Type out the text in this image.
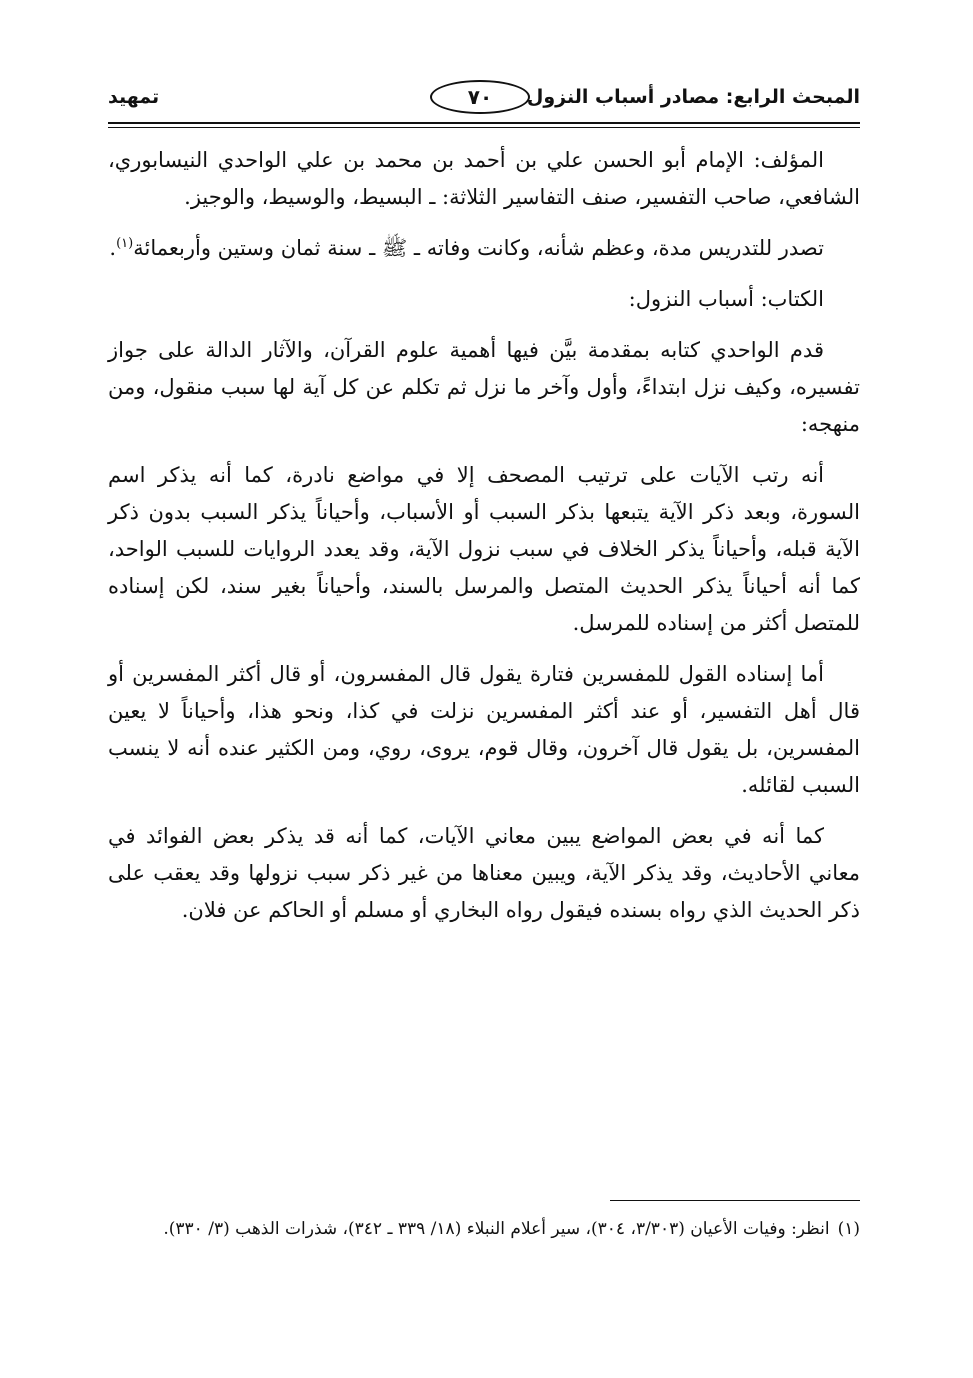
المبحث الرابع: مصادر أسباب النزول
٧٠
تمهيد

المؤلف: الإمام أبو الحسن علي بن أحمد بن محمد بن علي الواحدي النيسابوري، الشافعي، صاحب التفسير، صنف التفاسير الثلاثة: ـ البسيط، والوسيط، والوجيز.

تصدر للتدريس مدة، وعظم شأنه، وكانت وفاته ـ ﷺ ـ سنة ثمان وستين وأربعمائة$^{(١)}$.

الكتاب: أسباب النزول:

قدم الواحدي كتابه بمقدمة بيَّن فيها أهمية علوم القرآن، والآثار الدالة على جواز تفسيره، وكيف نزل ابتداءً، وأول وآخر ما نزل ثم تكلم عن كل آية لها سبب منقول، ومن منهجه:

أنه رتب الآيات على ترتيب المصحف إلا في مواضع نادرة، كما أنه يذكر اسم السورة، وبعد ذكر الآية يتبعها بذكر السبب أو الأسباب، وأحياناً يذكر السبب بدون ذكر الآية قبله، وأحياناً يذكر الخلاف في سبب نزول الآية، وقد يعدد الروايات للسبب الواحد، كما أنه أحياناً يذكر الحديث المتصل والمرسل بالسند، وأحياناً بغير سند، لكن إسناده للمتصل أكثر من إسناده للمرسل.

أما إسناده القول للمفسرين فتارة يقول قال المفسرون، أو قال أكثر المفسرين أو قال أهل التفسير، أو عند أكثر المفسرين نزلت في كذا، ونحو هذا، وأحياناً لا يعين المفسرين، بل يقول قال آخرون، وقال قوم، يروى، روي، ومن الكثير عنده أنه لا ينسب السبب لقائله.

كما أنه في بعض المواضع يبين معاني الآيات، كما أنه قد يذكر بعض الفوائد في معاني الأحاديث، وقد يذكر الآية، ويبين معناها من غير ذكر سبب نزولها وقد يعقب على ذكر الحديث الذي رواه بسنده فيقول رواه البخاري أو مسلم أو الحاكم عن فلان.

(١)انظر: وفيات الأعيان (٣/٣٠٣، ٣٠٤)، سير أعلام النبلاء (١٨/ ٣٣٩ ـ ٣٤٢)، شذرات الذهب (٣/ ٣٣٠).
